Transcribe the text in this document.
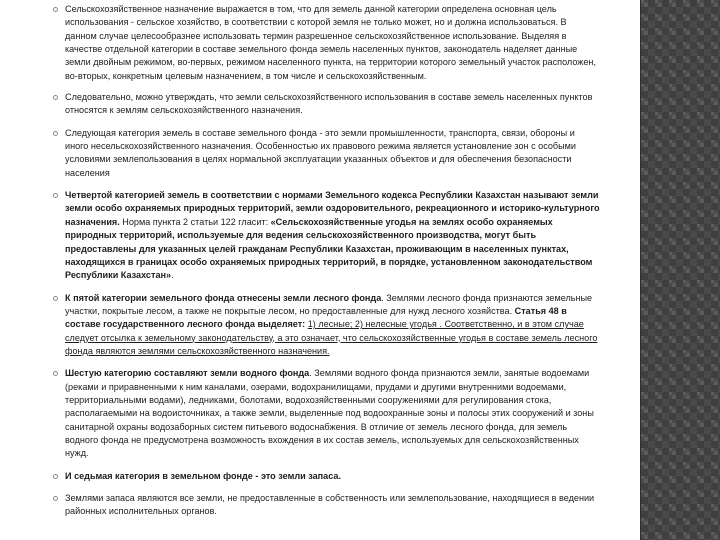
Сельскохозяйственное назначение выражается в том, что для земель данной категории определена основная цель использования - сельское хозяйство, в соответствии с которой земля не только может, но и должна использоваться. В данном случае целесообразнее использовать термин разрешенное сельскохозяйственное использование. Выделяя в качестве отдельной категории в составе земельного фонда земель населенных пунктов, законодатель наделяет данные земли двойным режимом, во-первых, режимом населенного пункта, на территории которого земельный участок расположен, во-вторых, конкретным целевым назначением, в том числе и сельскохозяйственным.
Следовательно, можно утверждать, что земли сельскохозяйственного использования в составе земель населенных пунктов относятся к землям сельскохозяйственного назначения.
Следующая категория земель в составе земельного фонда - это земли промышленности, транспорта, связи, обороны и иного несельскохозяйственного назначения. Особенностью их правового режима является установление зон с особыми условиями землепользования в целях нормальной эксплуатации указанных объектов и для обеспечения безопасности населения
Четвертой категорией земель в соответствии с нормами Земельного кодекса Республики Казахстан называют земли земли особо охраняемых природных территорий, земли оздоровительного, рекреационного и историко-культурного назначения. Норма пункта 2 статьи 122 гласит: «Сельскохозяйственные угодья на землях особо охраняемых природных территорий, используемые для ведения сельскохозяйственного производства, могут быть предоставлены для указанных целей гражданам Республики Казахстан, проживающим в населенных пунктах, находящихся в границах особо охраняемых природных территорий, в порядке, установленном законодательством Республики Казахстан».
К пятой категории земельного фонда отнесены земли лесного фонда. Землями лесного фонда признаются земельные участки, покрытые лесом, а также не покрытые лесом, но предоставленные для нужд лесного хозяйства. Статья 48 в составе государственного лесного фонда выделяет: 1) лесные; 2) нелесные угодья . Соответственно, и в этом случае следует отсылка к земельному законодательству, а это означает, что сельскохозяйственные угодья в составе земель лесного фонда являются землями сельскохозяйственного назначения.
Шестую категорию составляют земли водного фонда. Землями водного фонда признаются земли, занятые водоемами (реками и приравненными к ним каналами, озерами, водохранилищами, прудами и другими внутренними водоемами, территориальными водами), ледниками, болотами, водохозяйственными сооружениями для регулирования стока, располагаемыми на водоисточниках, а также земли, выделенные под водоохранные зоны и полосы этих сооружений и зоны санитарной охраны водозаборных систем питьевого водоснабжения. В отличие от земель лесного фонда, для земель водного фонда не предусмотрена возможность вхождения в их состав земель, используемых для сельскохозяйственных нужд.
И седьмая категория в земельном фонде - это земли запаса.
Землями запаса являются все земли, не предоставленные в собственность или землепользование, находящиеся в ведении районных исполнительных органов.
